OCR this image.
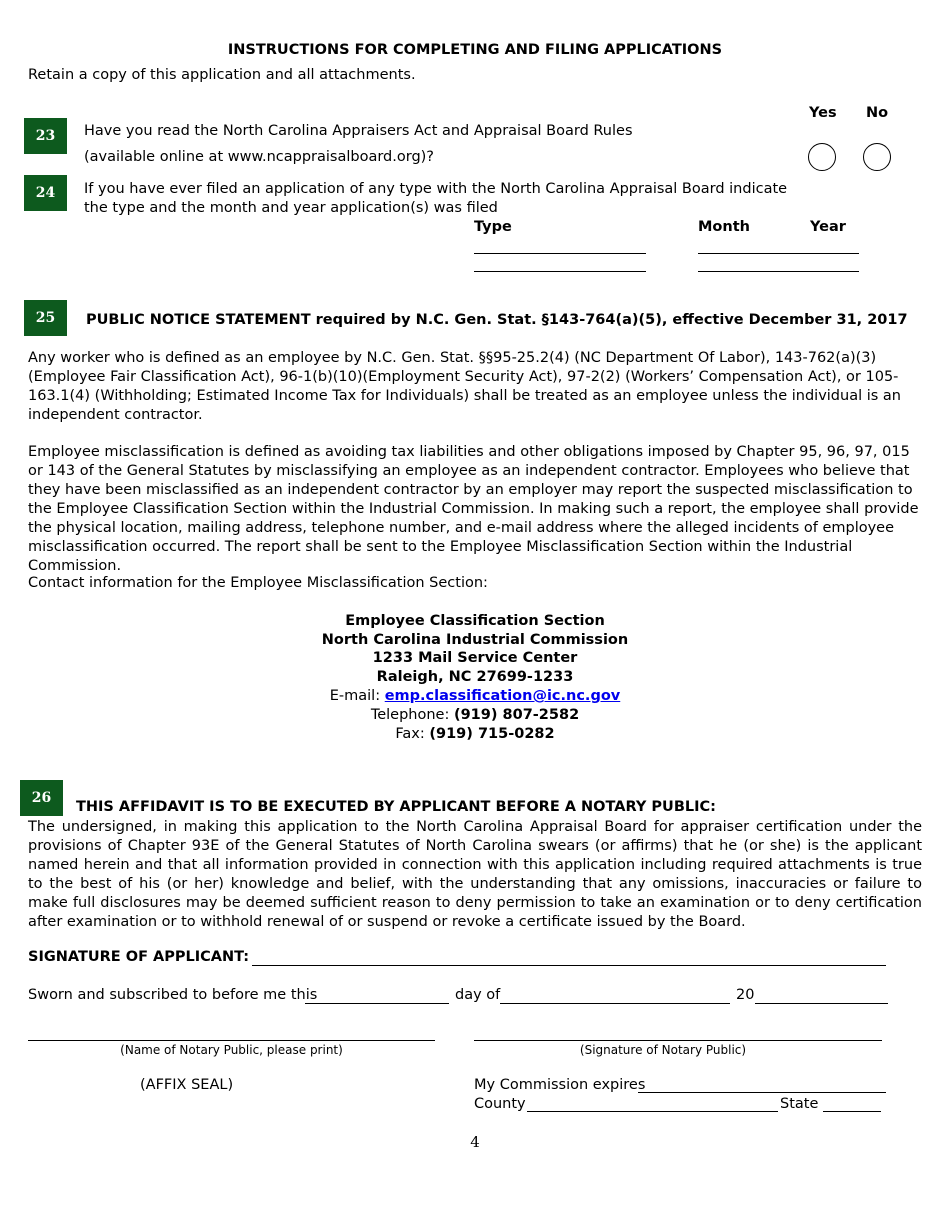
INSTRUCTIONS FOR COMPLETING AND FILING APPLICATIONS
Retain a copy of this application and all attachments.
Yes No
23	Have you read the North Carolina Appraisers Act and Appraisal Board Rules
(available online at www.ncappraisalboard.org)?
24	If you have ever filed an application of any type with the North Carolina Appraisal Board indicate
the type and the month and year application(s) was filed
Type	Month	Year
25	PUBLIC NOTICE STATEMENT required by N.C. Gen. Stat. §143-764(a)(5), effective December 31, 2017
Any worker who is defined as an employee by N.C. Gen. Stat. §§95-25.2(4) (NC Department Of Labor), 143-762(a)(3) (Employee Fair Classification Act), 96-1(b)(10)(Employment Security Act), 97-2(2) (Workers’ Compensation Act), or 105-163.1(4) (Withholding; Estimated Income Tax for Individuals) shall be treated as an employee unless the individual is an independent contractor.
Employee misclassification is defined as avoiding tax liabilities and other obligations imposed by Chapter 95, 96, 97, 015 or 143 of the General Statutes by misclassifying an employee as an independent contractor. Employees who believe that they have been misclassified as an independent contractor by an employer may report the suspected misclassification to the Employee Classification Section within the Industrial Commission. In making such a report, the employee shall provide the physical location, mailing address, telephone number, and e-mail address where the alleged incidents of employee misclassification occurred. The report shall be sent to the Employee Misclassification Section within the Industrial Commission.
Contact information for the Employee Misclassification Section:
Employee Classification Section
North Carolina Industrial Commission
1233 Mail Service Center
Raleigh, NC 27699-1233
E-mail: emp.classification@ic.nc.gov
Telephone: (919) 807-2582
Fax: (919) 715-0282
26
THIS AFFIDAVIT IS TO BE EXECUTED BY APPLICANT BEFORE A NOTARY PUBLIC:
The undersigned, in making this application to the North Carolina Appraisal Board for appraiser certification under the provisions of Chapter 93E of the General Statutes of North Carolina swears (or affirms) that he (or she) is the applicant named herein and that all information provided in connection with this application including required attachments is true to the best of his (or her) knowledge and belief, with the understanding that any omissions, inaccuracies or failure to make full disclosures may be deemed sufficient reason to deny permission to take an examination or to deny certification after examination or to withhold renewal of or suspend or revoke a certificate issued by the Board.
SIGNATURE OF APPLICANT:
Sworn and subscribed to before me this	day of	20
(Name of Notary Public, please print)	(Signature of Notary Public)
(AFFIX SEAL)	My Commission expires
County	State
4
